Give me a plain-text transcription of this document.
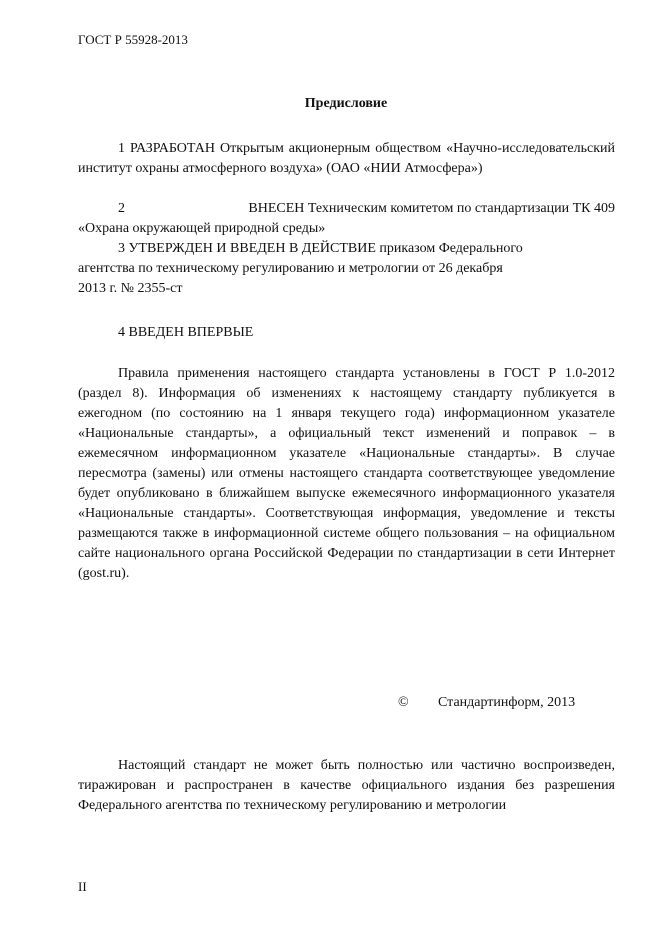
ГОСТ Р 55928-2013
Предисловие
1 РАЗРАБОТАН Открытым акционерным обществом «Научно-исследовательский институт охраны атмосферного воздуха» (ОАО «НИИ Атмосфера»)
2	ВНЕСЕН Техническим комитетом по стандартизации ТК 409
«Охрана окружающей природной среды»
3 УТВЕРЖДЕН И ВВЕДЕН В ДЕЙСТВИЕ приказом Федерального
агентства по техническому регулированию и метрологии от 26 декабря
2013 г. № 2355-ст
4 ВВЕДЕН ВПЕРВЫЕ
Правила применения настоящего стандарта установлены в ГОСТ Р 1.0-2012 (раздел 8). Информация об изменениях к настоящему стандарту публикуется в ежегодном (по состоянию на 1 января текущего года) информационном указателе «Национальные стандарты», а официальный текст изменений и поправок – в ежемесячном информационном указателе «Национальные стандарты». В случае пересмотра (замены) или отмены настоящего стандарта соответствующее уведомление будет опубликовано в ближайшем выпуске ежемесячного информационного указателя «Национальные стандарты». Соответствующая информация, уведомление и тексты размещаются также в информационной системе общего пользования – на официальном сайте национального органа Российской Федерации по стандартизации в сети Интернет (gost.ru).
© Стандартинформ, 2013
Настоящий стандарт не может быть полностью или частично воспроизведен, тиражирован и распространен в качестве официального издания без разрешения Федерального агентства по техническому регулированию и метрологии
II
